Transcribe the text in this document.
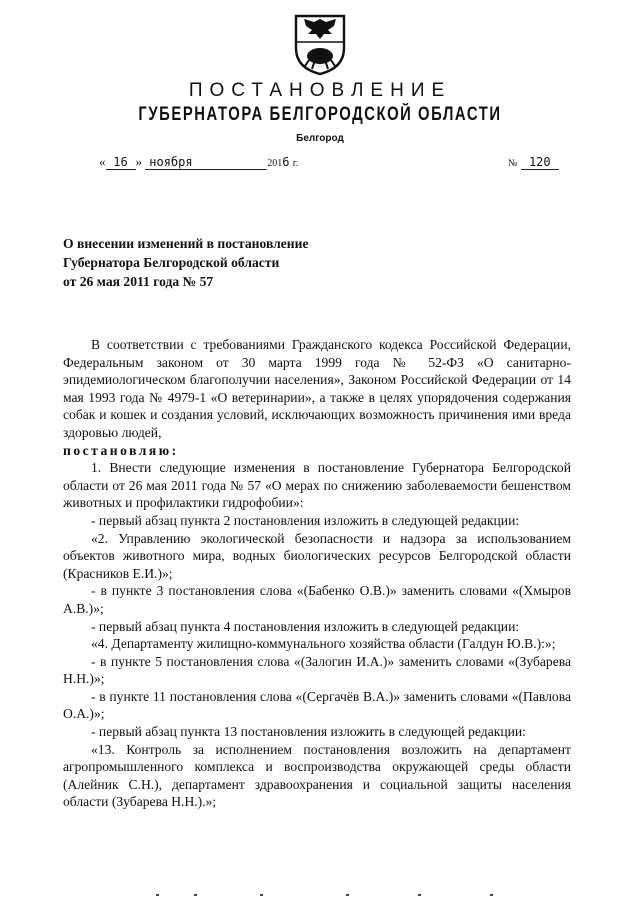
ПОСТАНОВЛЕНИЕ
ГУБЕРНАТОРА БЕЛГОРОДСКОЙ ОБЛАСТИ
Белгород
« 16 » ноября	2016 г.	№ 120
О внесении изменений в постановление
Губернатора Белгородской области
от 26 мая 2011 года № 57

В соответствии с требованиями Гражданского кодекса Российской Федерации, Федеральным законом от 30 марта 1999 года № 52-ФЗ «О санитарно-эпидемиологическом благополучии населения», Законом Российской Федерации от 14 мая 1993 года № 4979-1 «О ветеринарии», а также в целях упорядочения содержания собак и кошек и создания условий, исключающих возможность причинения ими вреда здоровью людей,

постановляю:

1. Внести следующие изменения в постановление Губернатора Белгородской области от 26 мая 2011 года № 57 «О мерах по снижению заболеваемости бешенством животных и профилактики гидрофобии»:

- первый абзац пункта 2 постановления изложить в следующей редакции:

«2. Управлению экологической безопасности и надзора за использованием объектов животного мира, водных биологических ресурсов Белгородской области (Красников Е.И.)»;

- в пункте 3 постановления слова «(Бабенко О.В.)» заменить словами «(Хмыров А.В.)»;

- первый абзац пункта 4 постановления изложить в следующей редакции:

«4. Департаменту жилищно-коммунального хозяйства области (Галдун Ю.В.):»;

- в пункте 5 постановления слова «(Залогин И.А.)» заменить словами «(Зубарева Н.Н.)»;

- в пункте 11 постановления слова «(Сергачёв В.А.)» заменить словами «(Павлова О.А.)»;

- первый абзац пункта 13 постановления изложить в следующей редакции:

«13. Контроль за исполнением постановления возложить на департамент агропромышленного комплекса и воспроизводства окружающей среды области (Алейник С.Н.), департамент здравоохранения и социальной защиты населения области (Зубарева Н.Н.).»;
